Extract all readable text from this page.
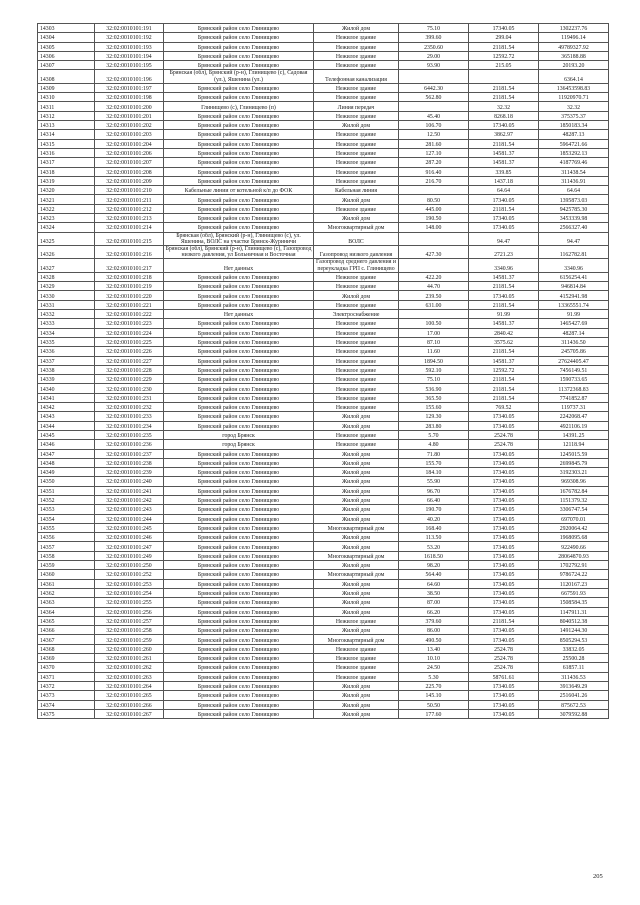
14303	32:02:0010101:191	Брянский район село Глинищево	Жилой дом	75.10	17340.05	1302237.76
14304	32:02:0010101:192	Брянский район село Глинищево	Нежилое здание	399.60	299.04	119496.14
14305	32:02:0010101:193	Брянский район село Глинищево	Нежилое здание	2350.60	21181.54	49789327.92
14306	32:02:0010101:194	Брянский район село Глинищево	Нежилое здание	29.00	12592.72	365188.88
14307	32:02:0010101:195	Брянский район село Глинищево	Нежилое здание	93.90	215.05	20193.20
14308	32:02:0010101:196	Брянская (обл), Брянский (р-н), Глинищево (с), Садовая (ул.), Яшенина (ул.)	Телефонная канализация			6364.14
14309	32:02:0010101:197	Брянский район село Глинищево	Нежилое здание	6442.30	21181.54	136453598.83
14310	32:02:0010101:198	Брянский район село Глинищево	Нежилое здание	562.80	21181.54	11920970.71
14311	32:02:0010101:200	Глинищево (с), Глинищево (п)	Линия передач		32.32	32.32
14312	32:02:0010101:201	Брянский район село Глинищево	Нежилое здание	45.40	8268.18	375375.37
14313	32:02:0010101:202	Брянский район село Глинищево	Жилой дом	106.70	17340.05	1850183.34
14314	32:02:0010101:203	Брянский район село Глинищево	Нежилое здание	12.50	3862.97	48287.13
14315	32:02:0010101:204	Брянский район село Глинищево	Нежилое здание	281.60	21181.54	5964721.66
14316	32:02:0010101:206	Брянский район село Глинищево	Нежилое здание	127.10	14581.37	1853292.13
14317	32:02:0010101:207	Брянский район село Глинищево	Нежилое здание	287.20	14581.37	4187769.46
14318	32:02:0010101:208	Брянский район село Глинищево	Нежилое здание	916.40	339.85	311438.54
14319	32:02:0010101:209	Брянский район село Глинищево	Нежилое здание	216.70	1437.18	311436.91
14320	32:02:0010101:210	Кабельные линии от котельной к/п до ФОК	Кабельная линия		64.64	64.64
14321	32:02:0010101:211	Брянский район село Глинищево	Жилой дом	80.50	17340.05	1395873.03
14322	32:02:0010101:212	Брянский район село Глинищево	Нежилое здание	445.00	21181.54	9425785.30
14323	32:02:0010101:213	Брянский район село Глинищево	Жилой дом	190.50	17340.05	3453339.98
14324	32:02:0010101:214	Брянский район село Глинищево	Многоквартирный дом	148.00	17340.05	2566327.40
14325	32:02:0010101:215	Брянская (обл), Брянский (р-н), Глинищево (с), ул. Яшенина, ВОЛС на участке Брянск-Журиничи	ВОЛС		94.47	94.47
14326	32:02:0010101:216	Брянская (обл), Брянский (р-н), Глинищево (с), Газопровод низкого давления, ул Больничная и Восточная	Газопровод низкого давления	427.30	2721.23	1162782.81
14327	32:02:0010101:217	Нет данных	Газопровод среднего давления и переукладка ГРП с. Глинищево		3340.96	3340.96
14328	32:02:0010101:218	Брянский район село Глинищево	Нежилое здание	422.20	14581.37	6156254.41
14329	32:02:0010101:219	Брянский район село Глинищево	Нежилое здание	44.70	21181.54	946814.84
14330	32:02:0010101:220	Брянский район село Глинищево	Жилой дом	239.50	17340.05	4152941.98
14331	32:02:0010101:221	Брянский район село Глинищево	Нежилое здание	631.00	21181.54	13365551.74
14332	32:02:0010101:222	Нет данных	Электроснабжение		91.99	91.99
14333	32:02:0010101:223	Брянский район село Глинищево	Нежилое здание	100.50	14581.37	1465427.69
14334	32:02:0010101:224	Брянский район село Глинищево	Нежилое здание	17.00	2840.42	48287.14
14335	32:02:0010101:225	Брянский район село Глинищево	Нежилое здание	87.10	3575.62	311436.50
14336	32:02:0010101:226	Брянский район село Глинищево	Нежилое здание	11.60	21181.54	245705.86
14337	32:02:0010101:227	Брянский район село Глинищево	Нежилое здание	1894.50	14581.37	27624405.47
14338	32:02:0010101:228	Брянский район село Глинищево	Нежилое здание	592.10	12592.72	7456149.51
14339	32:02:0010101:229	Брянский район село Глинищево	Нежилое здание	75.10	21181.54	1590733.65
14340	32:02:0010101:230	Брянский район село Глинищево	Нежилое здание	536.90	21181.54	11372368.83
14341	32:02:0010101:231	Брянский район село Глинищево	Нежилое здание	365.50	21181.54	7741852.87
14342	32:02:0010101:232	Брянский район село Глинищево	Нежилое здание	155.60	769.52	119737.31
14343	32:02:0010101:233	Брянский район село Глинищево	Жилой дом	129.30	17340.05	2242068.47
14344	32:02:0010101:234	Брянский район село Глинищево	Жилой дом	283.80	17340.05	4921106.19
14345	32:02:0010101:235	город Брянск	Нежилое здание	5.70	2524.78	14391.25
14346	32:02:0010101:236	город Брянск	Нежилое здание	4.80	2524.78	12118.94
14347	32:02:0010101:237	Брянский район село Глинищево	Жилой дом	71.80	17340.05	1245015.59
14348	32:02:0010101:238	Брянский район село Глинищево	Жилой дом	155.70	17340.05	2699845.79
14349	32:02:0010101:239	Брянский район село Глинищево	Жилой дом	184.10	17340.05	3192303.21
14350	32:02:0010101:240	Брянский район село Глинищево	Жилой дом	55.90	17340.05	969308.96
14351	32:02:0010101:241	Брянский район село Глинищево	Жилой дом	96.70	17340.05	1676782.84
14352	32:02:0010101:242	Брянский район село Глинищево	Жилой дом	66.40	17340.05	1151379.32
14353	32:02:0010101:243	Брянский район село Глинищево	Жилой дом	190.70	17340.05	3306747.54
14354	32:02:0010101:244	Брянский район село Глинищево	Жилой дом	40.20	17340.05	697070.01
14355	32:02:0010101:245	Брянский район село Глинищево	Многоквартирный дом	168.40	17340.05	2920064.42
14356	32:02:0010101:246	Брянский район село Глинищево	Жилой дом	113.50	17340.05	1968095.68
14357	32:02:0010101:247	Брянский район село Глинищево	Жилой дом	53.20	17340.05	922490.66
14358	32:02:0010101:249	Брянский район село Глинищево	Многоквартирный дом	1618.50	17340.05	28064870.93
14359	32:02:0010101:250	Брянский район село Глинищево	Жилой дом	98.20	17340.05	1702792.91
14360	32:02:0010101:252	Брянский район село Глинищево	Многоквартирный дом	564.40	17340.05	9786724.22
14361	32:02:0010101:253	Брянский район село Глинищево	Жилой дом	64.60	17340.05	1120167.23
14362	32:02:0010101:254	Брянский район село Глинищево	Жилой дом	38.50	17340.05	667591.93
14363	32:02:0010101:255	Брянский район село Глинищево	Жилой дом	87.00	17340.05	1508584.35
14364	32:02:0010101:256	Брянский район село Глинищево	Жилой дом	66.20	17340.05	1147911.31
14365	32:02:0010101:257	Брянский район село Глинищево	Нежилое здание	379.60	21181.54	8040512.38
14366	32:02:0010101:258	Брянский район село Глинищево	Жилой дом	86.00	17340.05	1491244.30
14367	32:02:0010101:259	Брянский район село Глинищево	Многоквартирный дом	490.50	17340.05	8505294.53
14368	32:02:0010101:260	Брянский район село Глинищево	Нежилое здание	13.40	2524.78	33832.05
14369	32:02:0010101:261	Брянский район село Глинищево	Нежилое здание	10.10	2524.78	25500.28
14370	32:02:0010101:262	Брянский район село Глинищево	Нежилое здание	24.50	2524.78	61857.11
14371	32:02:0010101:263	Брянский район село Глинищево	Нежилое здание	5.30	58761.61	311436.53
14372	32:02:0010101:264	Брянский район село Глинищево	Жилой дом	225.70	17340.05	3913649.29
14373	32:02:0010101:265	Брянский район село Глинищево	Жилой дом	145.10	17340.05	2516041.26
14374	32:02:0010101:266	Брянский район село Глинищево	Жилой дом	50.50	17340.05	875672.53
14375	32:02:0010101:267	Брянский район село Глинищево	Жилой дом	177.60	17340.05	3079592.88
205
